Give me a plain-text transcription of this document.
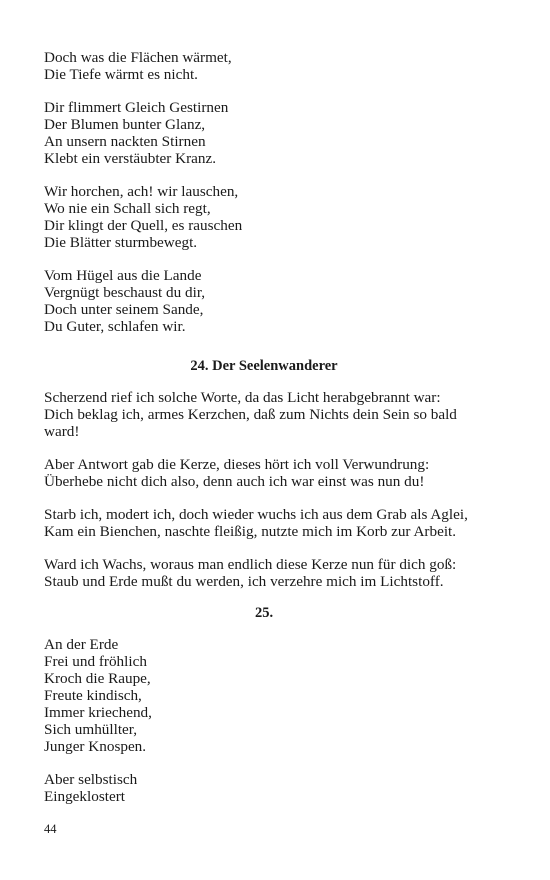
Doch was die Flächen wärmet,
Die Tiefe wärmt es nicht.
Dir flimmert Gleich Gestirnen
Der Blumen bunter Glanz,
An unsern nackten Stirnen
Klebt ein verstäubter Kranz.
Wir horchen, ach! wir lauschen,
Wo nie ein Schall sich regt,
Dir klingt der Quell, es rauschen
Die Blätter sturmbewegt.
Vom Hügel aus die Lande
Vergnügt beschaust du dir,
Doch unter seinem Sande,
Du Guter, schlafen wir.
24. Der Seelenwanderer
Scherzend rief ich solche Worte, da das Licht herabgebrannt war:
Dich beklag ich, armes Kerzchen, daß zum Nichts dein Sein so bald
ward!
Aber Antwort gab die Kerze, dieses hört ich voll Verwundrung:
Überhebe nicht dich also, denn auch ich war einst was nun du!
Starb ich, modert ich, doch wieder wuchs ich aus dem Grab als Aglei,
Kam ein Bienchen, naschte fleißig, nutzte mich im Korb zur Arbeit.
Ward ich Wachs, woraus man endlich diese Kerze nun für dich goß:
Staub und Erde mußt du werden, ich verzehre mich im Lichtstoff.
25.
An der Erde
Frei und fröhlich
Kroch die Raupe,
Freute kindisch,
Immer kriechend,
Sich umhüllter,
Junger Knospen.
Aber selbstisch
Eingeklostert
44
